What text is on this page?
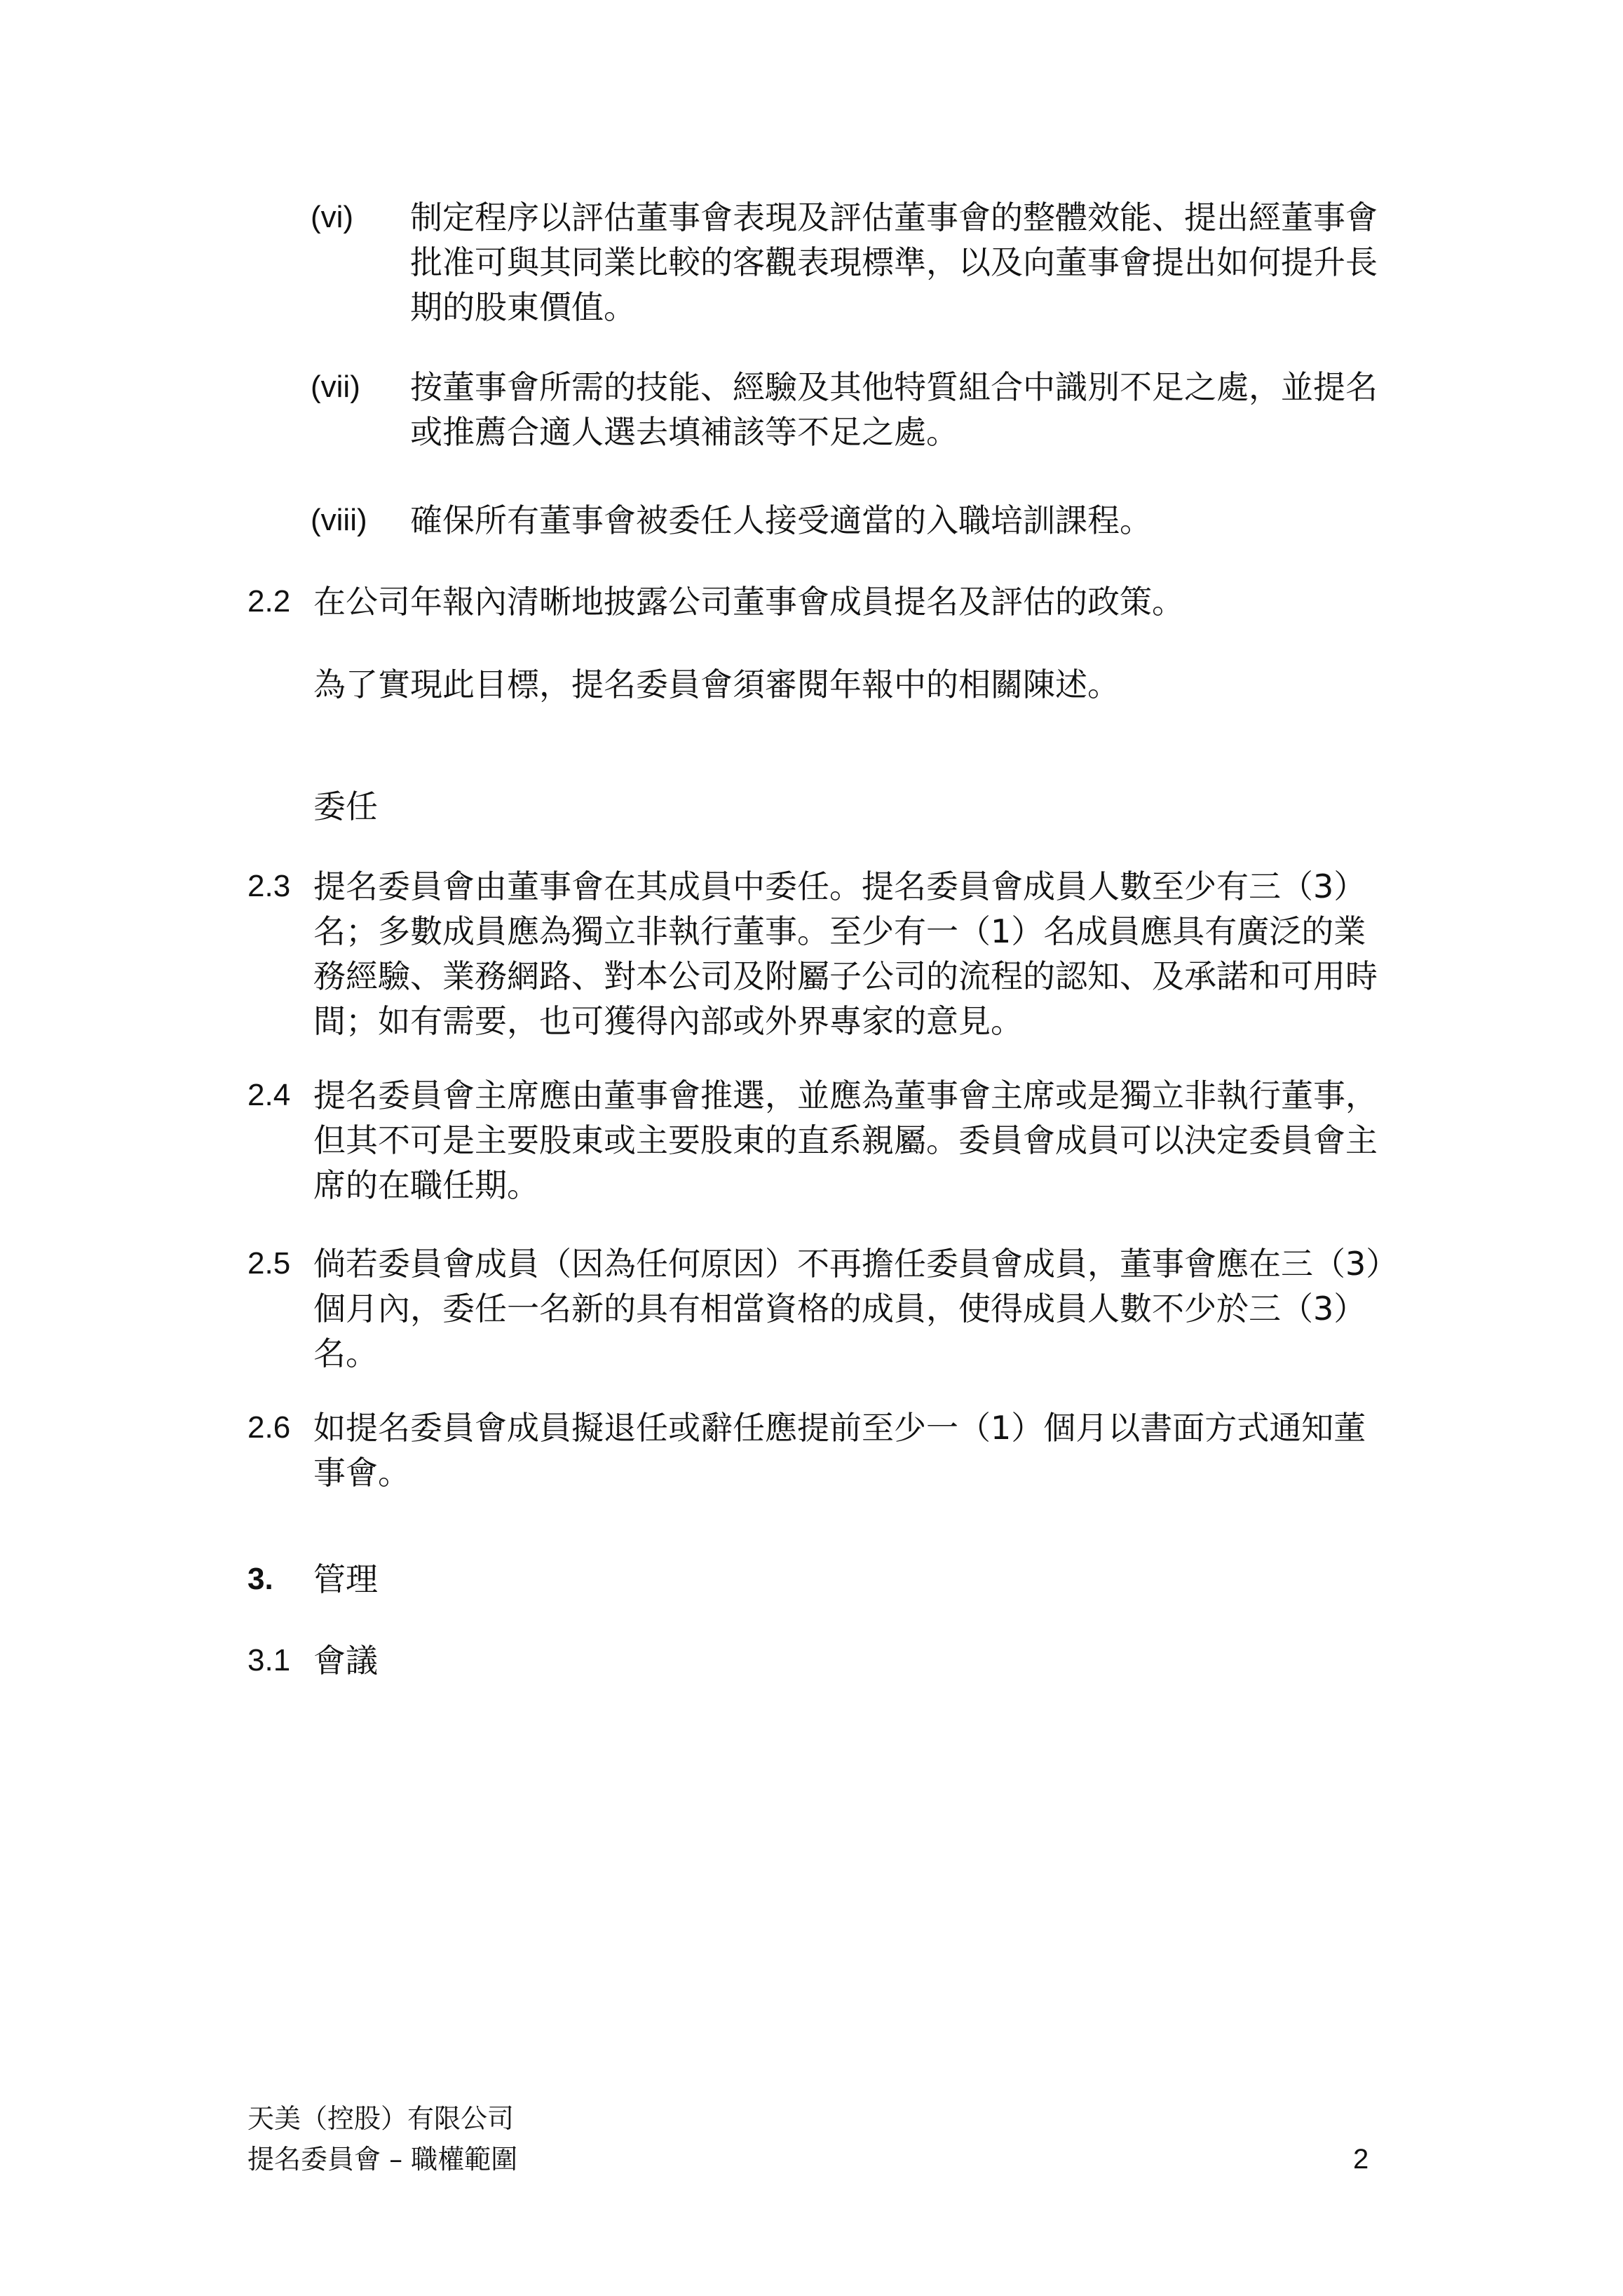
(vi) 制定程序以評估董事會表現及評估董事會的整體效能、提出經董事會
批准可與其同業比較的客觀表現標準，以及向董事會提出如何提升長
期的股東價值。
(vii) 按董事會所需的技能、經驗及其他特質組合中識別不足之處，並提名
或推薦合適人選去填補該等不足之處。
(viii) 確保所有董事會被委任人接受適當的入職培訓課程。
2.2 在公司年報內清晰地披露公司董事會成員提名及評估的政策。
為了實現此目標，提名委員會須審閱年報中的相關陳述。
委任
2.3 提名委員會由董事會在其成員中委任。提名委員會成員人數至少有三（3）
名；多數成員應為獨立非執行董事。至少有一（1）名成員應具有廣泛的業
務經驗、業務網路、對本公司及附屬子公司的流程的認知、及承諾和可用時
間；如有需要，也可獲得內部或外界專家的意見。
2.4 提名委員會主席應由董事會推選，並應為董事會主席或是獨立非執行董事，
但其不可是主要股東或主要股東的直系親屬。委員會成員可以決定委員會主
席的在職任期。
2.5 倘若委員會成員（因為任何原因）不再擔任委員會成員，董事會應在三（3）
個月內，委任一名新的具有相當資格的成員，使得成員人數不少於三（3）
名。
2.6 如提名委員會成員擬退任或辭任應提前至少一（1）個月以書面方式通知董
事會。
3. 管理
3.1 會議
天美（控股）有限公司
提名委員會 – 職權範圍	2
